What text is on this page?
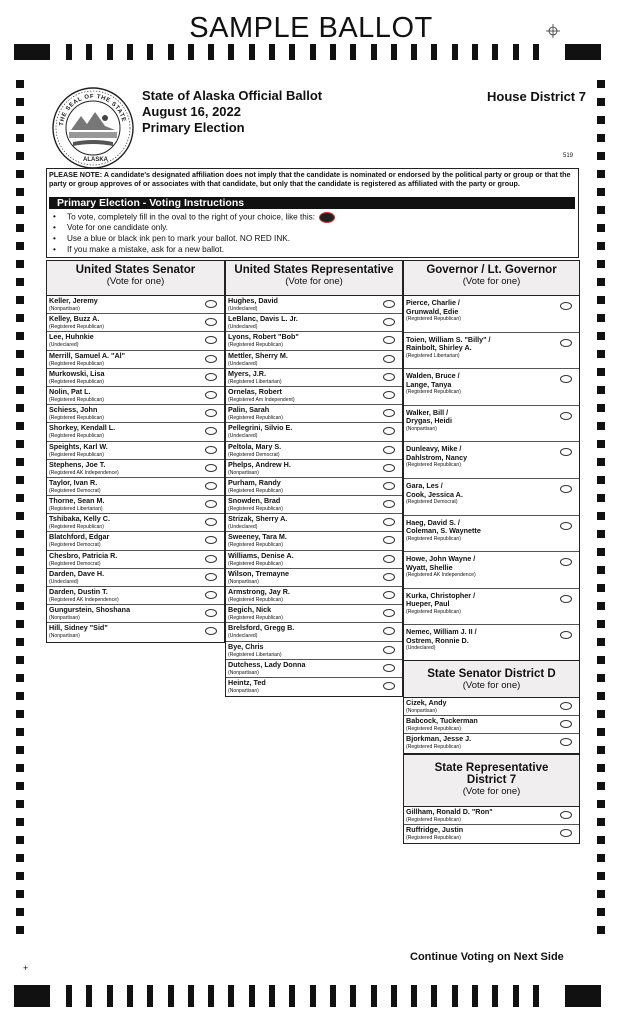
SAMPLE BALLOT
THE SEAL OF THE STATE
ALASKA
State of Alaska Official Ballot
August 16, 2022
Primary Election
House District 7
519
PLEASE NOTE: A candidate's designated affiliation does not imply that the candidate is nominated or endorsed by the political party or group or that the party or group approves of or associates with that candidate, but only that the candidate is registered as affiliated with the party or group.
Primary Election - Voting Instructions
• To vote, completely fill in the oval to the right of your choice, like this:
• Vote for one candidate only.
• Use a blue or black ink pen to mark your ballot. NO RED INK.
• If you make a mistake, ask for a new ballot.
United States Senator
(Vote for one)
Keller, Jeremy
(Nonpartisan)
Kelley, Buzz A.
(Registered Republican)
Lee, Huhnkie
(Undeclared)
Merrill, Samuel A. "Al"
(Registered Republican)
Murkowski, Lisa
(Registered Republican)
Nolin, Pat L.
(Registered Republican)
Schiess, John
(Registered Republican)
Shorkey, Kendall L.
(Registered Republican)
Speights, Karl W.
(Registered Republican)
Stephens, Joe T.
(Registered AK Independence)
Taylor, Ivan R.
(Registered Democrat)
Thorne, Sean M.
(Registered Libertarian)
Tshibaka, Kelly C.
(Registered Republican)
Blatchford, Edgar
(Registered Democrat)
Chesbro, Patricia R.
(Registered Democrat)
Darden, Dave H.
(Undeclared)
Darden, Dustin T.
(Registered AK Independence)
Gungurstein, Shoshana
(Nonpartisan)
Hill, Sidney "Sid"
(Nonpartisan)
United States Representative
(Vote for one)
Hughes, David
(Undeclared)
LeBlanc, Davis L. Jr.
(Undeclared)
Lyons, Robert "Bob"
(Registered Republican)
Mettler, Sherry M.
(Undeclared)
Myers, J.R.
(Registered Libertarian)
Ornelas, Robert
(Registered Am Independent)
Palin, Sarah
(Registered Republican)
Pellegrini, Silvio E.
(Undeclared)
Peltola, Mary S.
(Registered Democrat)
Phelps, Andrew H.
(Nonpartisan)
Purham, Randy
(Registered Republican)
Snowden, Brad
(Registered Republican)
Strizak, Sherry A.
(Undeclared)
Sweeney, Tara M.
(Registered Republican)
Williams, Denise A.
(Registered Republican)
Wilson, Tremayne
(Nonpartisan)
Armstrong, Jay R.
(Registered Republican)
Begich, Nick
(Registered Republican)
Brelsford, Gregg B.
(Undeclared)
Bye, Chris
(Registered Libertarian)
Dutchess, Lady Donna
(Nonpartisan)
Heintz, Ted
(Nonpartisan)
Governor / Lt. Governor
(Vote for one)
Pierce, Charlie /
Grunwald, Edie
(Registered Republican)
Toien, William S. "Billy" /
Rainbolt, Shirley A.
(Registered Libertarian)
Walden, Bruce /
Lange, Tanya
(Registered Republican)
Walker, Bill /
Drygas, Heidi
(Nonpartisan)
Dunleavy, Mike /
Dahlstrom, Nancy
(Registered Republican)
Gara, Les /
Cook, Jessica A.
(Registered Democrat)
Haeg, David S. /
Coleman, S. Waynette
(Registered Republican)
Howe, John Wayne /
Wyatt, Shellie
(Registered AK Independence)
Kurka, Christopher /
Hueper, Paul
(Registered Republican)
Nemec, William J. II /
Ostrem, Ronnie D.
(Undeclared)
State Senator District D
(Vote for one)
Cizek, Andy
(Nonpartisan)
Babcock, Tuckerman
(Registered Republican)
Bjorkman, Jesse J.
(Registered Republican)
State Representative
District 7
(Vote for one)
Gillham, Ronald D. "Ron"
(Registered Republican)
Ruffridge, Justin
(Registered Republican)
Continue Voting on Next Side
+
